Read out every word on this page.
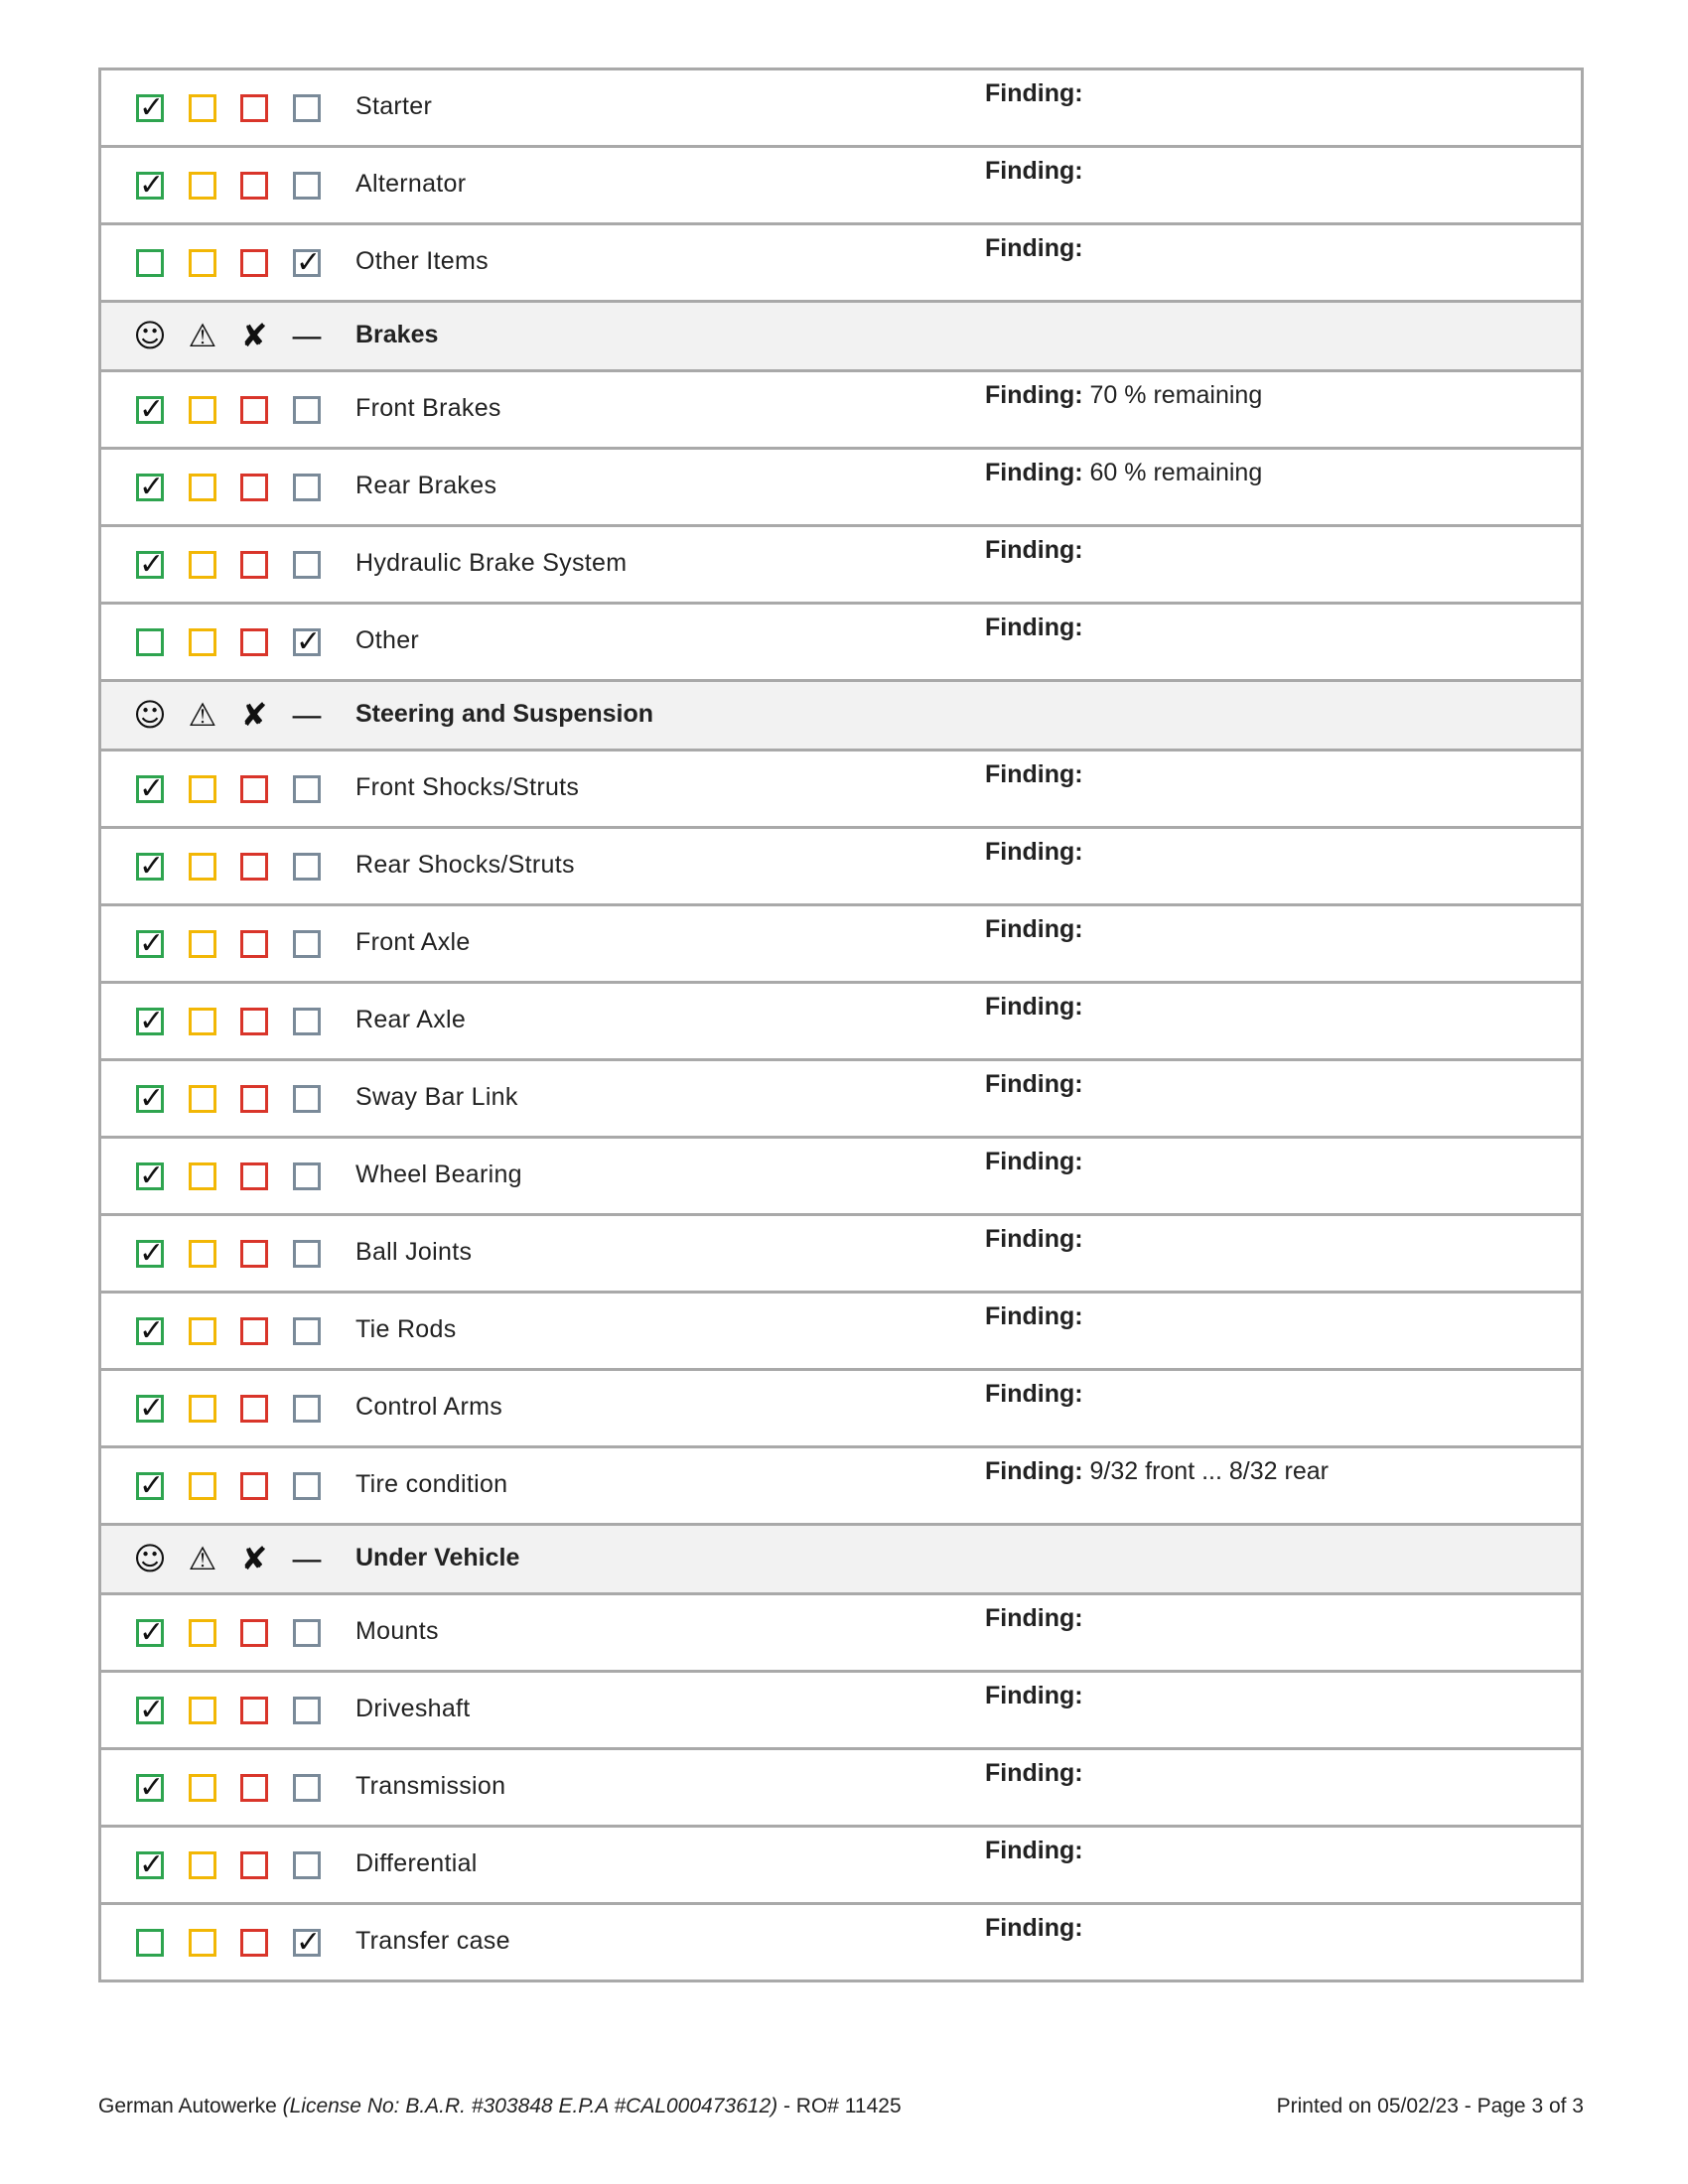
✓	Starter	Finding:
✓	Alternator	Finding:
✓ Other Items	Finding:
☺ ⚠ ✘ — Brakes
✓	Front Brakes	Finding: 70 % remaining
✓	Rear Brakes	Finding: 60 % remaining
✓	Hydraulic Brake System	Finding:
✓ Other	Finding:
☺ ⚠ ✘ — Steering and Suspension
✓	Front Shocks/Struts	Finding:
✓	Rear Shocks/Struts	Finding:
✓	Front Axle	Finding:
✓	Rear Axle	Finding:
✓	Sway Bar Link	Finding:
✓	Wheel Bearing	Finding:
✓	Ball Joints	Finding:
✓	Tie Rods	Finding:
✓	Control Arms	Finding:
✓	Tire condition	Finding: 9/32 front ... 8/32 rear
☺ ⚠ ✘ — Under Vehicle
✓	Mounts	Finding:
✓	Driveshaft	Finding:
✓	Transmission	Finding:
✓	Differential	Finding:
✓ Transfer case	Finding:
German Autowerke (License No: B.A.R. #303848 E.P.A #CAL000473612) - RO# 11425	Printed on 05/02/23 - Page 3 of 3
